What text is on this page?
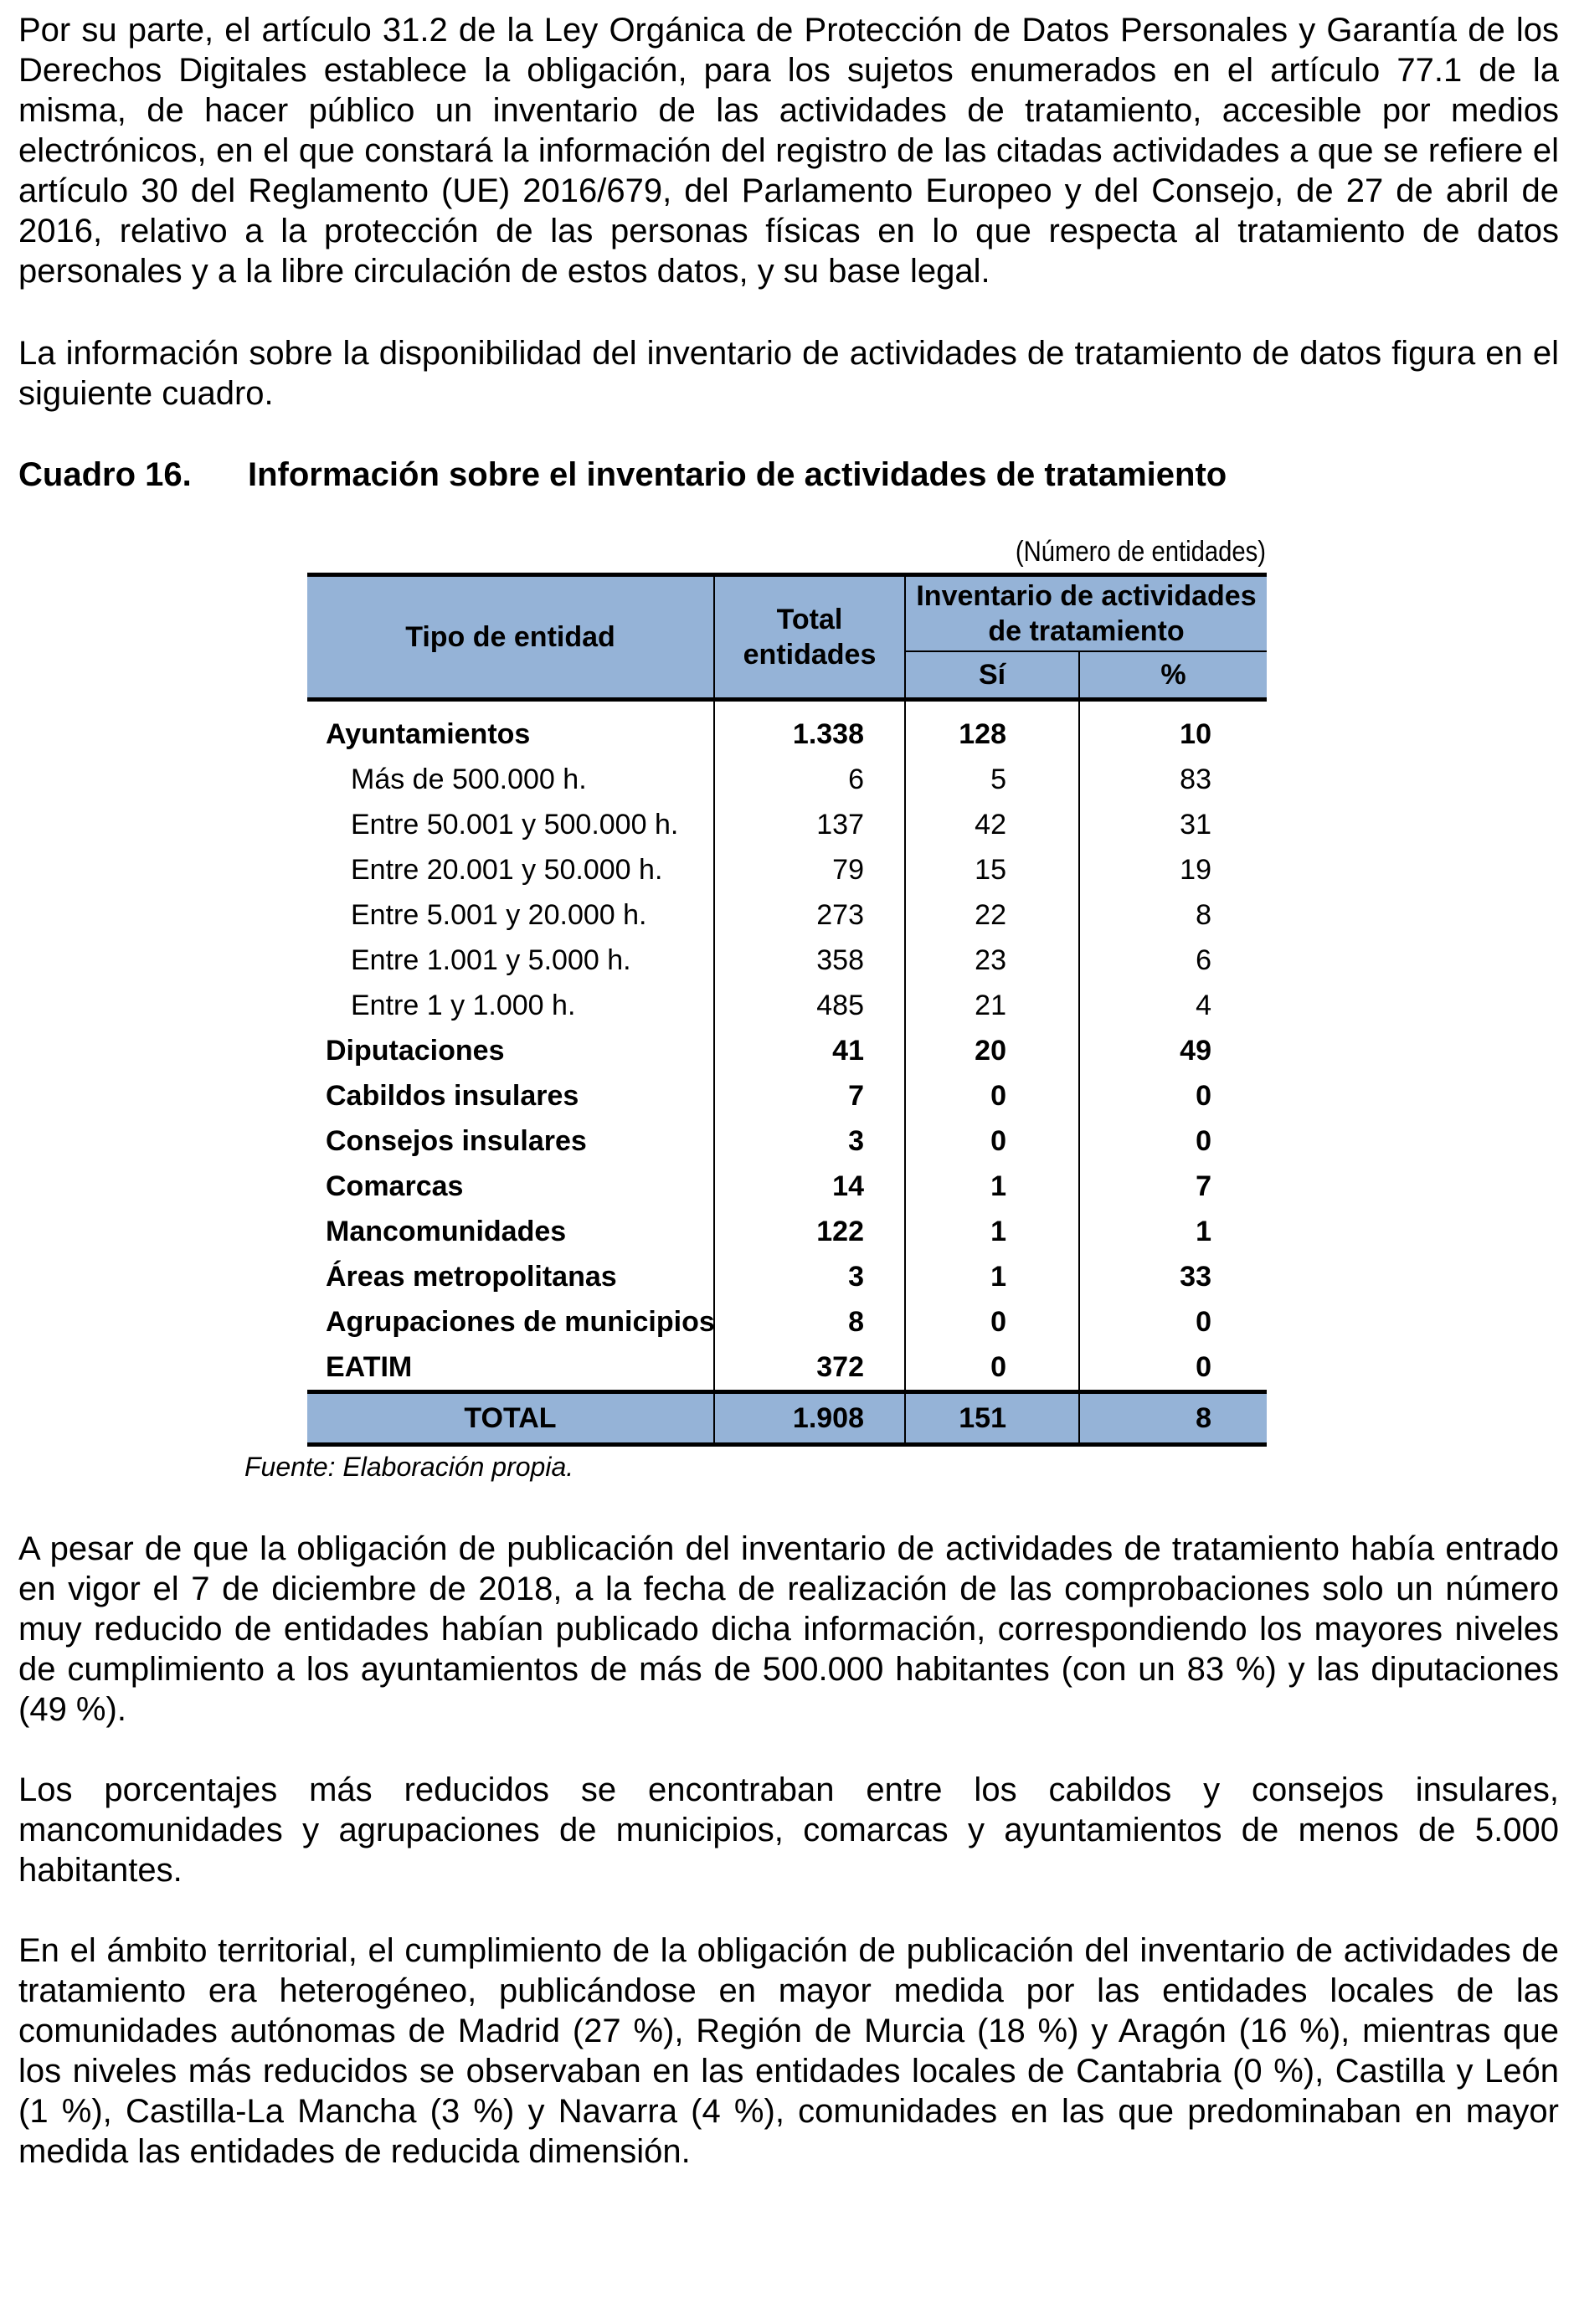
Por su parte, el artículo 31.2 de la Ley Orgánica de Protección de Datos Personales y Garantía de los Derechos Digitales establece la obligación, para los sujetos enumerados en el artículo 77.1 de la misma, de hacer público un inventario de las actividades de tratamiento, accesible por medios electrónicos, en el que constará la información del registro de las citadas actividades a que se refiere el artículo 30 del Reglamento (UE) 2016/679, del Parlamento Europeo y del Consejo, de 27 de abril de 2016, relativo a la protección de las personas físicas en lo que respecta al tratamiento de datos personales y a la libre circulación de estos datos, y su base legal.

La información sobre la disponibilidad del inventario de actividades de tratamiento de datos figura en el siguiente cuadro.

Cuadro 16. Información sobre el inventario de actividades de tratamiento
(Número de entidades)
Tipo de entidad	Total entidades	Inventario de actividades de tratamiento	
		Sí	%
Ayuntamientos	1.338	128	10
Más de 500.000 h.	6	5	83
Entre 50.001 y 500.000 h.	137	42	31
Entre 20.001 y 50.000 h.	79	15	19
Entre 5.001 y 20.000 h.	273	22	8
Entre 1.001 y 5.000 h.	358	23	6
Entre 1 y 1.000 h.	485	21	4
Diputaciones	41	20	49
Cabildos insulares	7	0	0
Consejos insulares	3	0	0
Comarcas	14	1	7
Mancomunidades	122	1	1
Áreas metropolitanas	3	1	33
Agrupaciones de municipios	8	0	0
EATIM	372	0	0
TOTAL	1.908	151	8
Fuente: Elaboración propia.

A pesar de que la obligación de publicación del inventario de actividades de tratamiento había entrado en vigor el 7 de diciembre de 2018, a la fecha de realización de las comprobaciones solo un número muy reducido de entidades habían publicado dicha información, correspondiendo los mayores niveles de cumplimiento a los ayuntamientos de más de 500.000 habitantes (con un 83 %) y las diputaciones (49 %).

Los porcentajes más reducidos se encontraban entre los cabildos y consejos insulares, mancomunidades y agrupaciones de municipios, comarcas y ayuntamientos de menos de 5.000 habitantes.

En el ámbito territorial, el cumplimiento de la obligación de publicación del inventario de actividades de tratamiento era heterogéneo, publicándose en mayor medida por las entidades locales de las comunidades autónomas de Madrid (27 %), Región de Murcia (18 %) y Aragón (16 %), mientras que los niveles más reducidos se observaban en las entidades locales de Cantabria (0 %), Castilla y León (1 %), Castilla-La Mancha (3 %) y Navarra (4 %), comunidades en las que predominaban en mayor medida las entidades de reducida dimensión.
